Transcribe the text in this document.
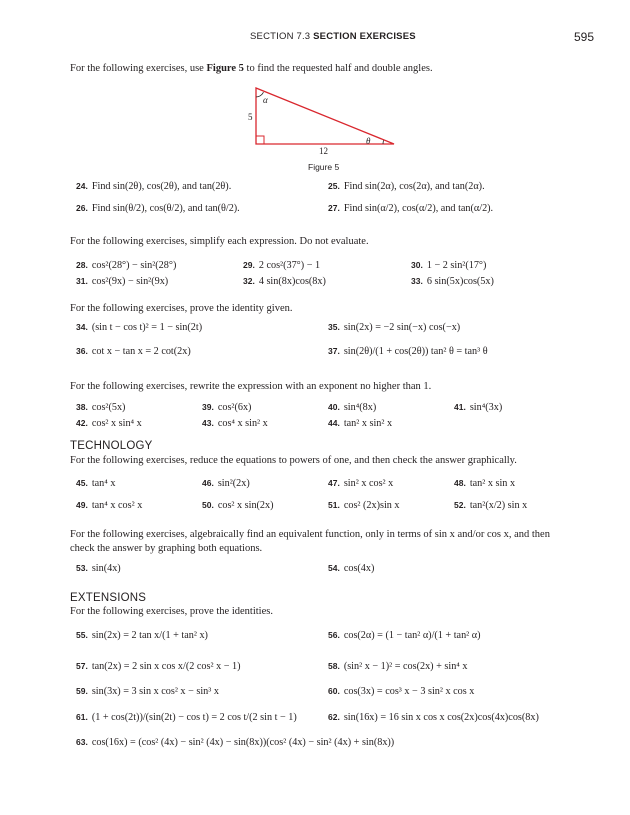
SECTION 7.3 SECTION EXERCISES	595
For the following exercises, use Figure 5 to find the requested half and double angles.
α
5
θ
12
Figure 5
24. Find sin(2θ), cos(2θ), and tan(2θ).	25. Find sin(2α), cos(2α), and tan(2α).
26. Find sin(θ/2), cos(θ/2), and tan(θ/2).	27. Find sin(α/2), cos(α/2), and tan(α/2).
For the following exercises, simplify each expression. Do not evaluate.
28. cos²(28°) − sin²(28°)	29. 2 cos²(37°) − 1	30. 1 − 2 sin²(17°)
31. cos²(9x) − sin²(9x)	32. 4 sin(8x)cos(8x)	33. 6 sin(5x)cos(5x)
For the following exercises, prove the identity given.
34. (sin t − cos t)² = 1 − sin(2t)	35. sin(2x) = −2 sin(−x) cos(−x)
36. cot x − tan x = 2 cot(2x)	37. sin(2θ)/(1 + cos(2θ)) tan² θ = tan³ θ
For the following exercises, rewrite the expression with an exponent no higher than 1.
38. cos²(5x)	39. cos²(6x)	40. sin⁴(8x)	41. sin⁴(3x)
42. cos² x sin⁴ x	43. cos⁴ x sin² x	44. tan² x sin² x
TECHNOLOGY
For the following exercises, reduce the equations to powers of one, and then check the answer graphically.
45. tan⁴ x	46. sin²(2x)	47. sin² x cos² x	48. tan² x sin x
49. tan⁴ x cos² x	50. cos² x sin(2x)	51. cos² (2x)sin x	52. tan²(x/2) sin x
For the following exercises, algebraically find an equivalent function, only in terms of sin x and/or cos x, and then
check the answer by graphing both equations.
53. sin(4x)	54. cos(4x)
EXTENSIONS
For the following exercises, prove the identities.
55. sin(2x) = 2 tan x/(1 + tan² x)	56. cos(2α) = (1 − tan² α)/(1 + tan² α)
57. tan(2x) = 2 sin x cos x/(2 cos² x − 1)	58. (sin² x − 1)² = cos(2x) + sin⁴ x
59. sin(3x) = 3 sin x cos² x − sin³ x	60. cos(3x) = cos³ x − 3 sin² x cos x
61. (1 + cos(2t))/(sin(2t) − cos t) = 2 cos t/(2 sin t − 1)	62. sin(16x) = 16 sin x cos x cos(2x)cos(4x)cos(8x)
63. cos(16x) = (cos² (4x) − sin² (4x) − sin(8x))(cos² (4x) − sin² (4x) + sin(8x))
